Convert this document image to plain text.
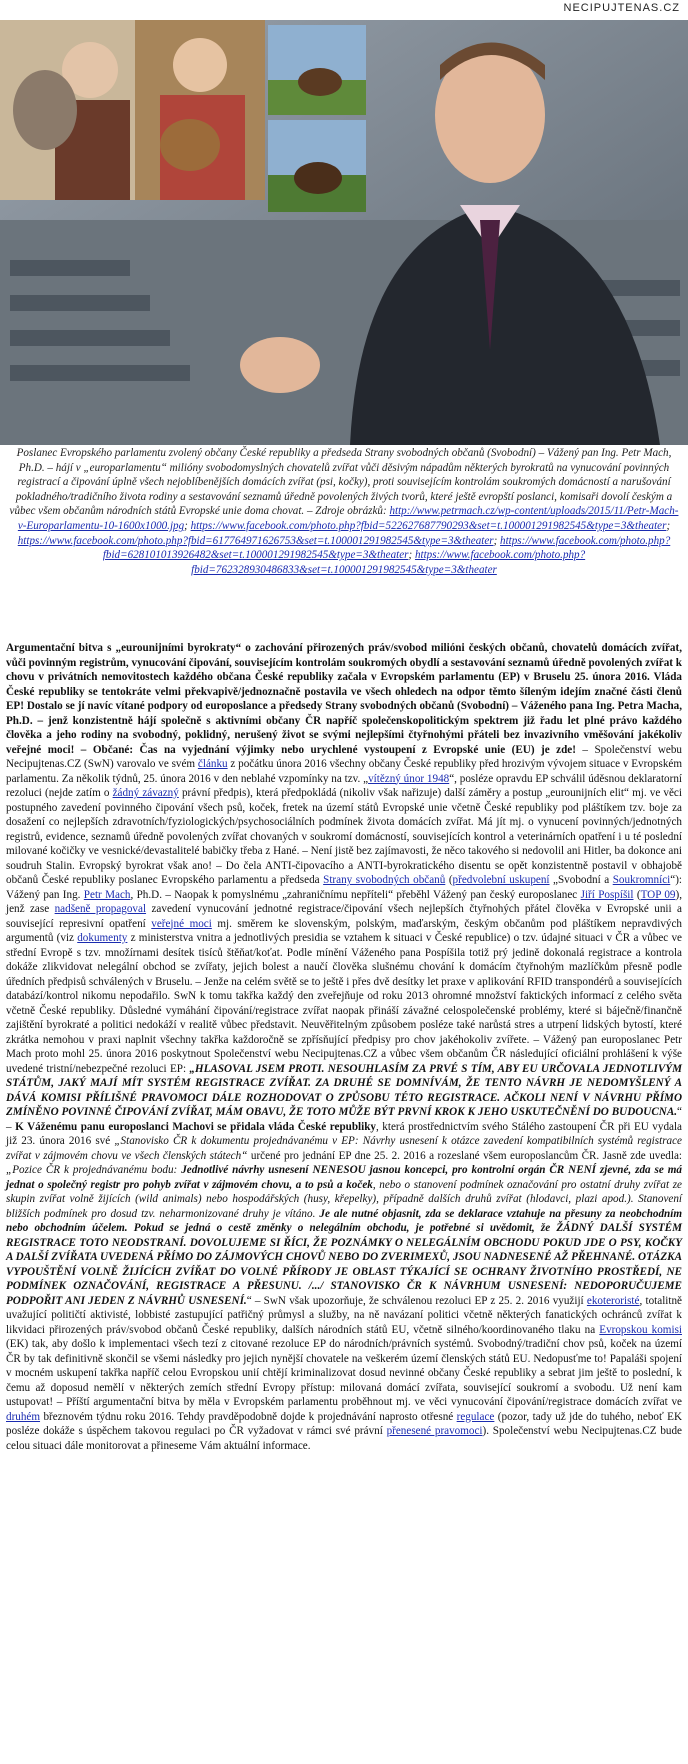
NECIPUJTENAS.CZ
Poslanec Evropského parlamentu zvolený občany České republiky a předseda Strany svobodných občanů (Svobodní) – Vážený pan Ing. Petr Mach, Ph.D. – hájí v „europarlamentu“ milióny svobodomyslných chovatelů zvířat vůči děsivým nápadům některých byrokratů na vynucování povinných registrací a čipování úplně všech nejoblíbenějších domácích zvířat (psi, kočky), proti souvisejícím kontrolám soukromých domácností a narušování pokladného/tradičního života rodiny a sestavování seznamů úředně povolených živých tvorů, které ještě evropští poslanci, komisaři dovolí českým a vůbec všem občanům národních států Evropské unie doma chovat. – Zdroje obrázků: http://www.petrmach.cz/wp-content/uploads/2015/11/Petr-Mach-v-Europarlamentu-10-1600x1000.jpg; https://www.facebook.com/photo.php?fbid=522627687790293&set=t.100001291982545&type=3&theater; https://www.facebook.com/photo.php?fbid=617764971626753&set=t.100001291982545&type=3&theater; https://www.facebook.com/photo.php?fbid=628101013926482&set=t.100001291982545&type=3&theater; https://www.facebook.com/photo.php?fbid=762328930486833&set=t.100001291982545&type=3&theater
Argumentační bitva s „eurounijními byrokraty“ o zachování přirozených práv/svobod milióni českých občanů, chovatelů domácích zvířat, vůči povinným registrům, vynucování čipování, souvisejícím kontrolám soukromých obydlí a sestavování seznamů úředně povolených zvířat k chovu v privátních nemovitostech každého občana České republiky začala v Evropském parlamentu (EP) v Bruselu 25. února 2016. Vláda České republiky se tentokráte velmi překvapivě/jednoznačně postavila ve všech ohledech na odpor těmto šíleným idejím značné části členů EP! Dostalo se jí navíc vítané podpory od europoslance a předsedy Strany svobodných občanů (Svobodní) – Váženého pana Ing. Petra Macha, Ph.D. – jenž konzistentně hájí společně s aktivními občany ČR napříč společenskopolitickým spektrem již řadu let plné právo každého člověka a jeho rodiny na svobodný, poklidný, nerušený život se svými nejlepšími čtyřnohými přáteli bez invazivního vměšování jakékoliv veřejné moci! – Občané: Čas na vyjednání výjimky nebo urychlené vystoupení z Evropské unie (EU) je zde! – Společenství webu Necipujtenas.CZ (SwN) varovalo ve svém článku z počátku února 2016 všechny občany České republiky před hrozivým vývojem situace v Evropském parlamentu. Za několik týdnů, 25. února 2016 v den neblahé vzpomínky na tzv. „vítězný únor 1948“, posléze opravdu EP schválil úděsnou deklaratorní rezoluci (nejde zatím o žádný závazný právní předpis), která předpokládá (nikoliv však nařizuje) další záměry a postup „eurounijních elit“ mj. ve věci postupného zavedení povinného čipování všech psů, koček, fretek na území států Evropské unie včetně České republiky pod pláštíkem tzv. boje za dosažení co nejlepších zdravotních/fyziologických/psychosociálních podmínek života domácích zvířat. Má jít mj. o vynucení povinných/jednotných registrů, evidence, seznamů úředně povolených zvířat chovaných v soukromí domácností, souvisejících kontrol a veterinárních opatření i u té poslední milované kočičky ve vesnické/devastalitelé babičky třeba z Hané. – Není jistě bez zajímavosti, že něco takového si nedovolil ani Hitler, ba dokonce ani soudruh Stalin. Evropský byrokrat však ano! – Do čela ANTI-čipovacího a ANTI-byrokratického disentu se opět konzistentně postavil v obhajobě občanů České republiky poslanec Evropského parlamentu a předseda Strany svobodných občanů (předvolební uskupení „Svobodní a Soukromníci“): Vážený pan Ing. Petr Mach, Ph.D. – Naopak k pomyslnému „zahraničnímu nepříteli“ přeběhl Vážený pan český europoslanec Jiří Pospíšil (TOP 09), jenž zase nadšeně propagoval zavedení vynucování jednotné registrace/čipování všech nejlepších čtyřnohých přátel člověka v Evropské unii a související represivní opatření veřejné moci mj. směrem ke slovenským, polským, maďarským, českým občanům pod pláštíkem nepravdivých argumentů (viz dokumenty z ministerstva vnitra a jednotlivých presidia se vztahem k situaci v České republice) o tzv. údajné situaci v ČR a vůbec ve střední Evropě s tzv. množírnami desítek tisíců štěňat/koťat. Podle mínění Váženého pana Pospíšila totiž prý jedině dokonalá registrace a kontrola dokáže zlikvidovat nelegální obchod se zvířaty, jejich bolest a naučí člověka slušnému chování k domácím čtyřnohým mazlíčkům přesně podle úředních předpisů schválených v Bruselu. – Jenže na celém světě se to ještě i přes dvě desítky let praxe v aplikování RFID transpondérů a souvisejících databází/kontrol nikomu nepodařilo. SwN k tomu takřka každý den zveřejňuje od roku 2013 ohromné množství faktických informací z celého světa včetně České republiky. Důsledné vymáhání čipování/registrace zvířat naopak přináší závažné celospolečenské problémy, které si báječně/finančně zajištění byrokraté a politici nedokáží v realitě vůbec představit. Neuvěřitelným způsobem posléze také narůstá stres a utrpení lidských bytostí, které zkrátka nemohou v praxi naplnit všechny takřka každoročně se zpřísňující předpisy pro chov jakéhokoliv zvířete. – Vážený pan europoslanec Petr Mach proto mohl 25. února 2016 poskytnout Společenství webu Necipujtenas.CZ a vůbec všem občanům ČR následující oficiální prohlášení k výše uvedené tristní/nebezpečné rezoluci EP: „HLASOVAL JSEM PROTI. NESOUHLASÍM ZA PRVÉ S TÍM, ABY EU URČOVALA JEDNOTLIVÝM STÁTŮM, JAKÝ MAJÍ MÍT SYSTÉM REGISTRACE ZVÍŘAT. ZA DRUHÉ SE DOMNÍVÁM, ŽE TENTO NÁVRH JE NEDOMYŠLENÝ A DÁVÁ KOMISI PŘÍLIŠNÉ PRAVOMOCI DÁLE ROZHODOVAT O ZPŮSOBU TÉTO REGISTRACE. AČKOLI NENÍ V NÁVRHU PŘÍMO ZMÍNĚNO POVINNÉ ČIPOVÁNÍ ZVÍŘAT, MÁM OBAVU, ŽE TOTO MŮŽE BÝT PRVNÍ KROK K JEHO USKUTEČNĚNÍ DO BUDOUCNA.“ – K Váženému panu europoslanci Machovi se přidala vláda České republiky, která prostřednictvím svého Stálého zastoupení ČR při EU vydala již 23. února 2016 své „Stanovisko ČR k dokumentu projednávanému v EP: Návrhy usnesení k otázce zavedení kompatibilních systémů registrace zvířat v zájmovém chovu ve všech členských státech“ určené pro jednání EP dne 25. 2. 2016 a rozeslané všem europoslancům ČR. Jasně zde uvedla: „Pozice ČR k projednávanému bodu: Jednotlivé návrhy usnesení NENESOU jasnou koncepci, pro kontrolní orgán ČR NENÍ zjevné, zda se má jednat o společný registr pro pohyb zvířat v zájmovém chovu, a to psů a koček, nebo o stanovení podmínek označování pro ostatní druhy zvířat ze skupin zvířat volně žijících (wild animals) nebo hospodářských (husy, křepelky), případně dalších druhů zvířat (hlodavci, plazi apod.). Stanovení bližších podmínek pro dosud tzv. neharmonizované druhy je vítáno. Je ale nutné objasnit, zda se deklarace vztahuje na přesuny za neobchodním nebo obchodním účelem. Pokud se jedná o cestě změnky o nelegálním obchodu, je potřebné si uvědomit, že ŽÁDNÝ DALŠÍ SYSTÉM REGISTRACE TOTO NEODSTRANÍ. DOVOLUJEME SI ŘÍCI, ŽE POZNÁMKY O NELEGÁLNÍM OBCHODU POKUD JDE O PSY, KOČKY A DALŠÍ ZVÍŘATA UVEDENÁ PŘÍMO DO ZÁJMOVÝCH CHOVŮ NEBO DO ZVERIMEXŮ, JSOU NADNESENÉ AŽ PŘEHNANÉ. OTÁZKA VYPOUŠTĚNÍ VOLNĚ ŽIJÍCÍCH ZVÍŘAT DO VOLNÉ PŘÍRODY JE OBLAST TÝKAJÍCÍ SE OCHRANY ŽIVOTNÍHO PROSTŘEDÍ, NE PODMÍNEK OZNAČOVÁNÍ, REGISTRACE A PŘESUNU. /.../ STANOVISKO ČR K NÁVRHUM USNESENÍ: NEDOPORUČUJEME PODPOŘIT ANI JEDEN Z NÁVRHŮ USNESENÍ.“ – SwN však upozorňuje, že schválenou rezoluci EP z 25. 2. 2016 využijí ekoteroristé, totalitně uvažující političtí aktivisté, lobbisté zastupující patřičný průmysl a služby, na ně navázaní politici včetně některých fanatických ochránců zvířat k likvidaci přirozených práv/svobod občanů České republiky, dalších národních států EU, včetně silného/koordinovaného tlaku na Evropskou komisi (EK) tak, aby došlo k implementaci všech tezí z citované rezoluce EP do národních/právních systémů. Svobodný/tradiční chov psů, koček na území ČR by tak definitivně skončil se všemi následky pro jejich nynější chovatele na veškerém území členských států EU. Nedopusťme to! Papaláši spojení v mocném uskupení takřka napříč celou Evropskou unií chtějí kriminalizovat dosud nevinné občany České republiky a sebrat jim ještě to poslední, k čemu až doposud nemělí v některých zemích střední Evropy přístup: milovaná domácí zvířata, související soukromí a svobodu. Už není kam ustupovat! – Příští argumentační bitva by měla v Evropském parlamentu proběhnout mj. ve věci vynucování čipování/registrace domácích zvířat ve druhém březnovém týdnu roku 2016. Tehdy pravděpodobně dojde k projednávání naprosto otřesné regulace (pozor, tady už jde do tuhého, neboť EK posléze dokáže s úspěchem takovou regulaci po ČR vyžadovat v rámci své právní přenesené pravomoci). Společenství webu Necipujtenas.CZ bude celou situaci dále monitorovat a přineseme Vám aktuální informace.
